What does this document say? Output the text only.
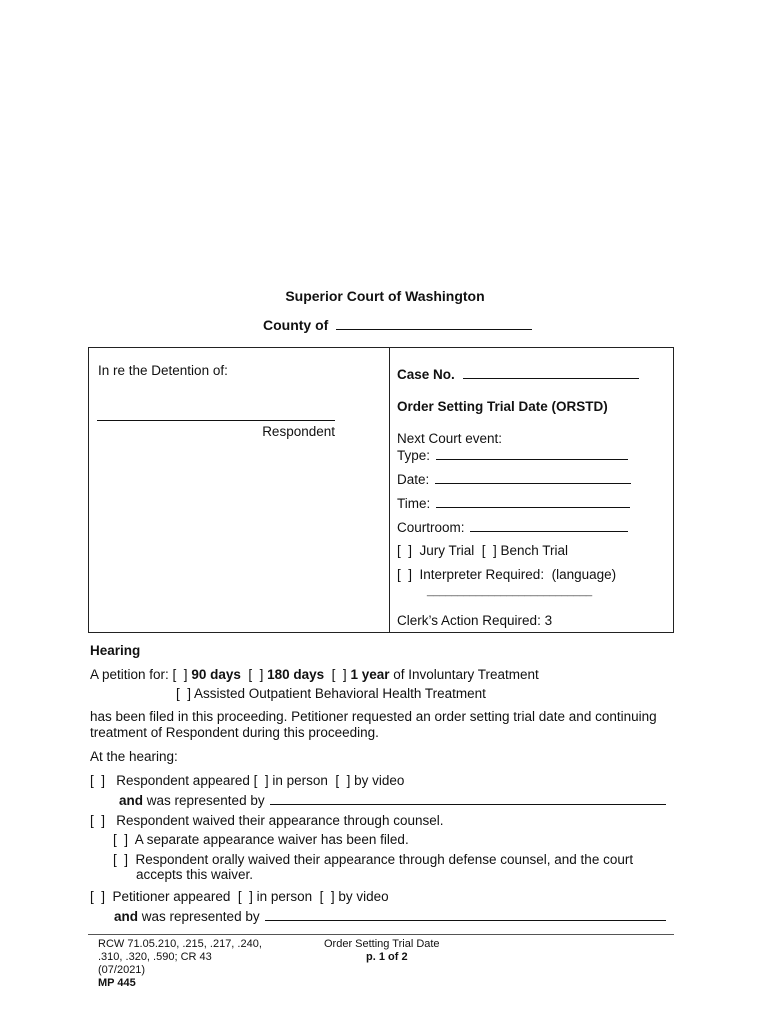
Superior Court of Washington
County of
In re the Detention of:
Respondent
Case No.
Order Setting Trial Date (ORSTD)
Next Court event:
Type:
Date:
Time:
Courtroom:
[  ]  Jury Trial  [  ] Bench Trial
[  ]  Interpreter Required:  (language)
___________________________
Clerk’s Action Required: 3
Hearing
A petition for: [  ] 90 days  [  ] 180 days  [  ] 1 year of Involuntary Treatment
[  ] Assisted Outpatient Behavioral Health Treatment
has been filed in this proceeding. Petitioner requested an order setting trial date and continuing
treatment of Respondent during this proceeding.
At the hearing:
[  ]   Respondent appeared [  ] in person  [  ] by video
and was represented by
[  ]   Respondent waived their appearance through counsel.
[  ]  A separate appearance waiver has been filed.
[  ]  Respondent orally waived their appearance through defense counsel, and the court
accepts this waiver.
[  ]  Petitioner appeared  [  ] in person  [  ] by video
and was represented by
RCW 71.05.210, .215, .217, .240,
.310, .320, .590; CR 43
(07/2021)
MP 445
Order Setting Trial Date
p. 1 of 2
